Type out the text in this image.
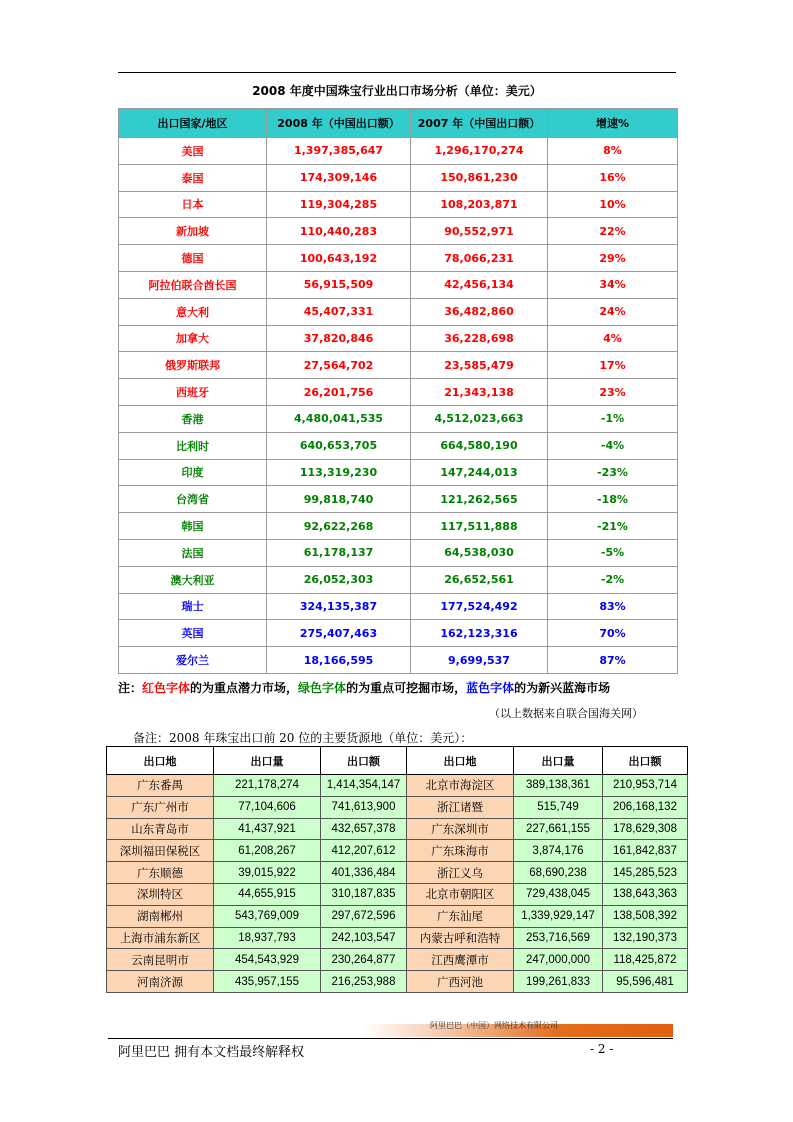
2008 年度中国珠宝行业出口市场分析（单位：美元）
出口国家/地区	2008 年（中国出口额）	2007 年（中国出口额）	增速%
美国	1,397,385,647	1,296,170,274	8%
泰国	174,309,146	150,861,230	16%
日本	119,304,285	108,203,871	10%
新加坡	110,440,283	90,552,971	22%
德国	100,643,192	78,066,231	29%
阿拉伯联合酋长国	56,915,509	42,456,134	34%
意大利	45,407,331	36,482,860	24%
加拿大	37,820,846	36,228,698	4%
俄罗斯联邦	27,564,702	23,585,479	17%
西班牙	26,201,756	21,343,138	23%
香港	4,480,041,535	4,512,023,663	-1%
比利时	640,653,705	664,580,190	-4%
印度	113,319,230	147,244,013	-23%
台湾省	99,818,740	121,262,565	-18%
韩国	92,622,268	117,511,888	-21%
法国	61,178,137	64,538,030	-5%
澳大利亚	26,052,303	26,652,561	-2%
瑞士	324,135,387	177,524,492	83%
英国	275,407,463	162,123,316	70%
爱尔兰	18,166,595	9,699,537	87%
注：红色字体的为重点潜力市场，绿色字体的为重点可挖掘市场，蓝色字体的为新兴蓝海市场
（以上数据来自联合国海关网）
备注：2008 年珠宝出口前 20 位的主要货源地（单位：美元）：
出口地	出口量	出口额	出口地	出口量	出口额
广东番禺	221,178,274	1,414,354,147	北京市海淀区	389,138,361	210,953,714
广东广州市	77,104,606	741,613,900	浙江诸暨	515,749	206,168,132
山东青岛市	41,437,921	432,657,378	广东深圳市	227,661,155	178,629,308
深圳福田保税区	61,208,267	412,207,612	广东珠海市	3,874,176	161,842,837
广东顺德	39,015,922	401,336,484	浙江义乌	68,690,238	145,285,523
深圳特区	44,655,915	310,187,835	北京市朝阳区	729,438,045	138,643,363
湖南郴州	543,769,009	297,672,596	广东汕尾	1,339,929,147	138,508,392
上海市浦东新区	18,937,793	242,103,547	内蒙古呼和浩特	253,716,569	132,190,373
云南昆明市	454,543,929	230,264,877	江西鹰潭市	247,000,000	118,425,872
河南济源	435,957,155	216,253,988	广西河池	199,261,833	95,596,481
阿里巴巴（中国）网络技术有限公司
阿里巴巴 拥有本文档最终解释权	- 2 -
